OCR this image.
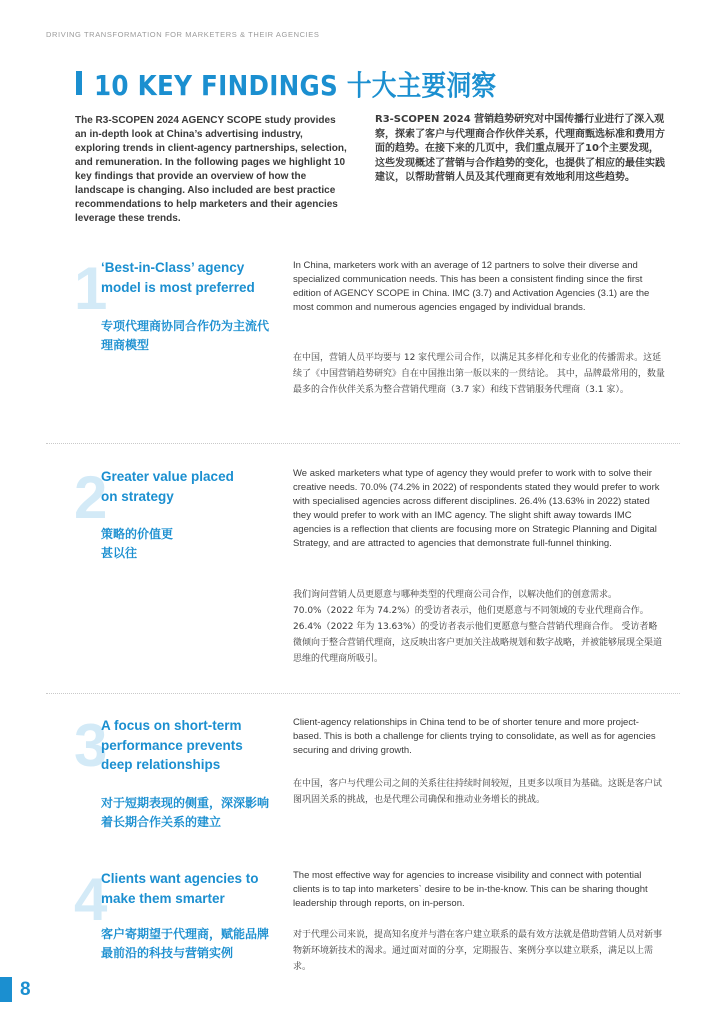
DRIVING TRANSFORMATION FOR MARKETERS & THEIR AGENCIES
10 KEY FINDINGS 十大主要洞察
The R3-SCOPEN 2024 AGENCY SCOPE study provides an in-depth look at China’s advertising industry, exploring trends in client-agency partnerships, selection, and remuneration. In the following pages we highlight 10 key findings that provide an overview of how the landscape is changing. Also included are best practice recommendations to help marketers and their agencies leverage these trends.
R3-SCOPEN 2024 营销趋势研究对中国传播行业进行了深入观察，探索了客户与代理商合作伙伴关系，代理商甄选标准和费用方面的趋势。在接下来的几页中，我们重点展开了10个主要发现，这些发现概述了营销与合作趋势的变化，也提供了相应的最佳实践建议，以帮助营销人员及其代理商更有效地利用这些趋势。
1
‘Best-in-Class’ agency model is most preferred
专项代理商协同合作仍为主流代理商模型
In China, marketers work with an average of 12 partners to solve their diverse and specialized communication needs. This has been a consistent finding since the first edition of AGENCY SCOPE in China. IMC (3.7) and Activation Agencies (3.1) are the most common and numerous agencies engaged by individual brands.
在中国，营销人员平均要与 12 家代理公司合作，以满足其多样化和专业化的传播需求。这延续了《中国营销趋势研究》自在中国推出第一版以来的一贯结论。 其中，品牌最常用的，数量最多的合作伙伴关系为整合营销代理商（3.7 家）和线下营销服务代理商（3.1 家）。
2
Greater value placed on strategy
策略的价值更甚以往
We asked marketers what type of agency they would prefer to work with to solve their creative needs. 70.0% (74.2% in 2022) of respondents stated they would prefer to work with specialised agencies across different disciplines. 26.4% (13.63% in 2022) stated they would prefer to work with an IMC agency. The slight shift away towards IMC agencies is a reflection that clients are focusing more on Strategic Planning and Digital Strategy, and are attracted to agencies that demonstrate full-funnel thinking.
我们询问营销人员更愿意与哪种类型的代理商公司合作，以解决他们的创意需求。70.0%（2022 年为 74.2%）的受访者表示，他们更愿意与不同领域的专业代理商合作。26.4%（2022 年为 13.63%）的受访者表示他们更愿意与整合营销代理商合作。 受访者略微倾向于整合营销代理商，这反映出客户更加关注战略规划和数字战略，并被能够展现全渠道思维的代理商所吸引。
3
A focus on short-term performance prevents deep relationships
对于短期表现的侧重，深深影响着长期合作关系的建立
Client-agency relationships in China tend to be of shorter tenure and more project-based. This is both a challenge for clients trying to consolidate, as well as for agencies securing and driving growth.
在中国，客户与代理公司之间的关系往往持续时间较短，且更多以项目为基础。这既是客户试图巩固关系的挑战，也是代理公司确保和推动业务增长的挑战。
4
Clients want agencies to make them smarter
客户寄期望于代理商，赋能品牌最前沿的科技与营销实例
The most effective way for agencies to increase visibility and connect with potential clients is to tap into marketers` desire to be in-the-know. This can be sharing thought leadership through reports, on in-person.
对于代理公司来说，提高知名度并与潜在客户建立联系的最有效方法就是借助营销人员对新事物新环境新技术的渴求。通过面对面的分享，定期报告、案例分享以建立联系，满足以上需求。
8
